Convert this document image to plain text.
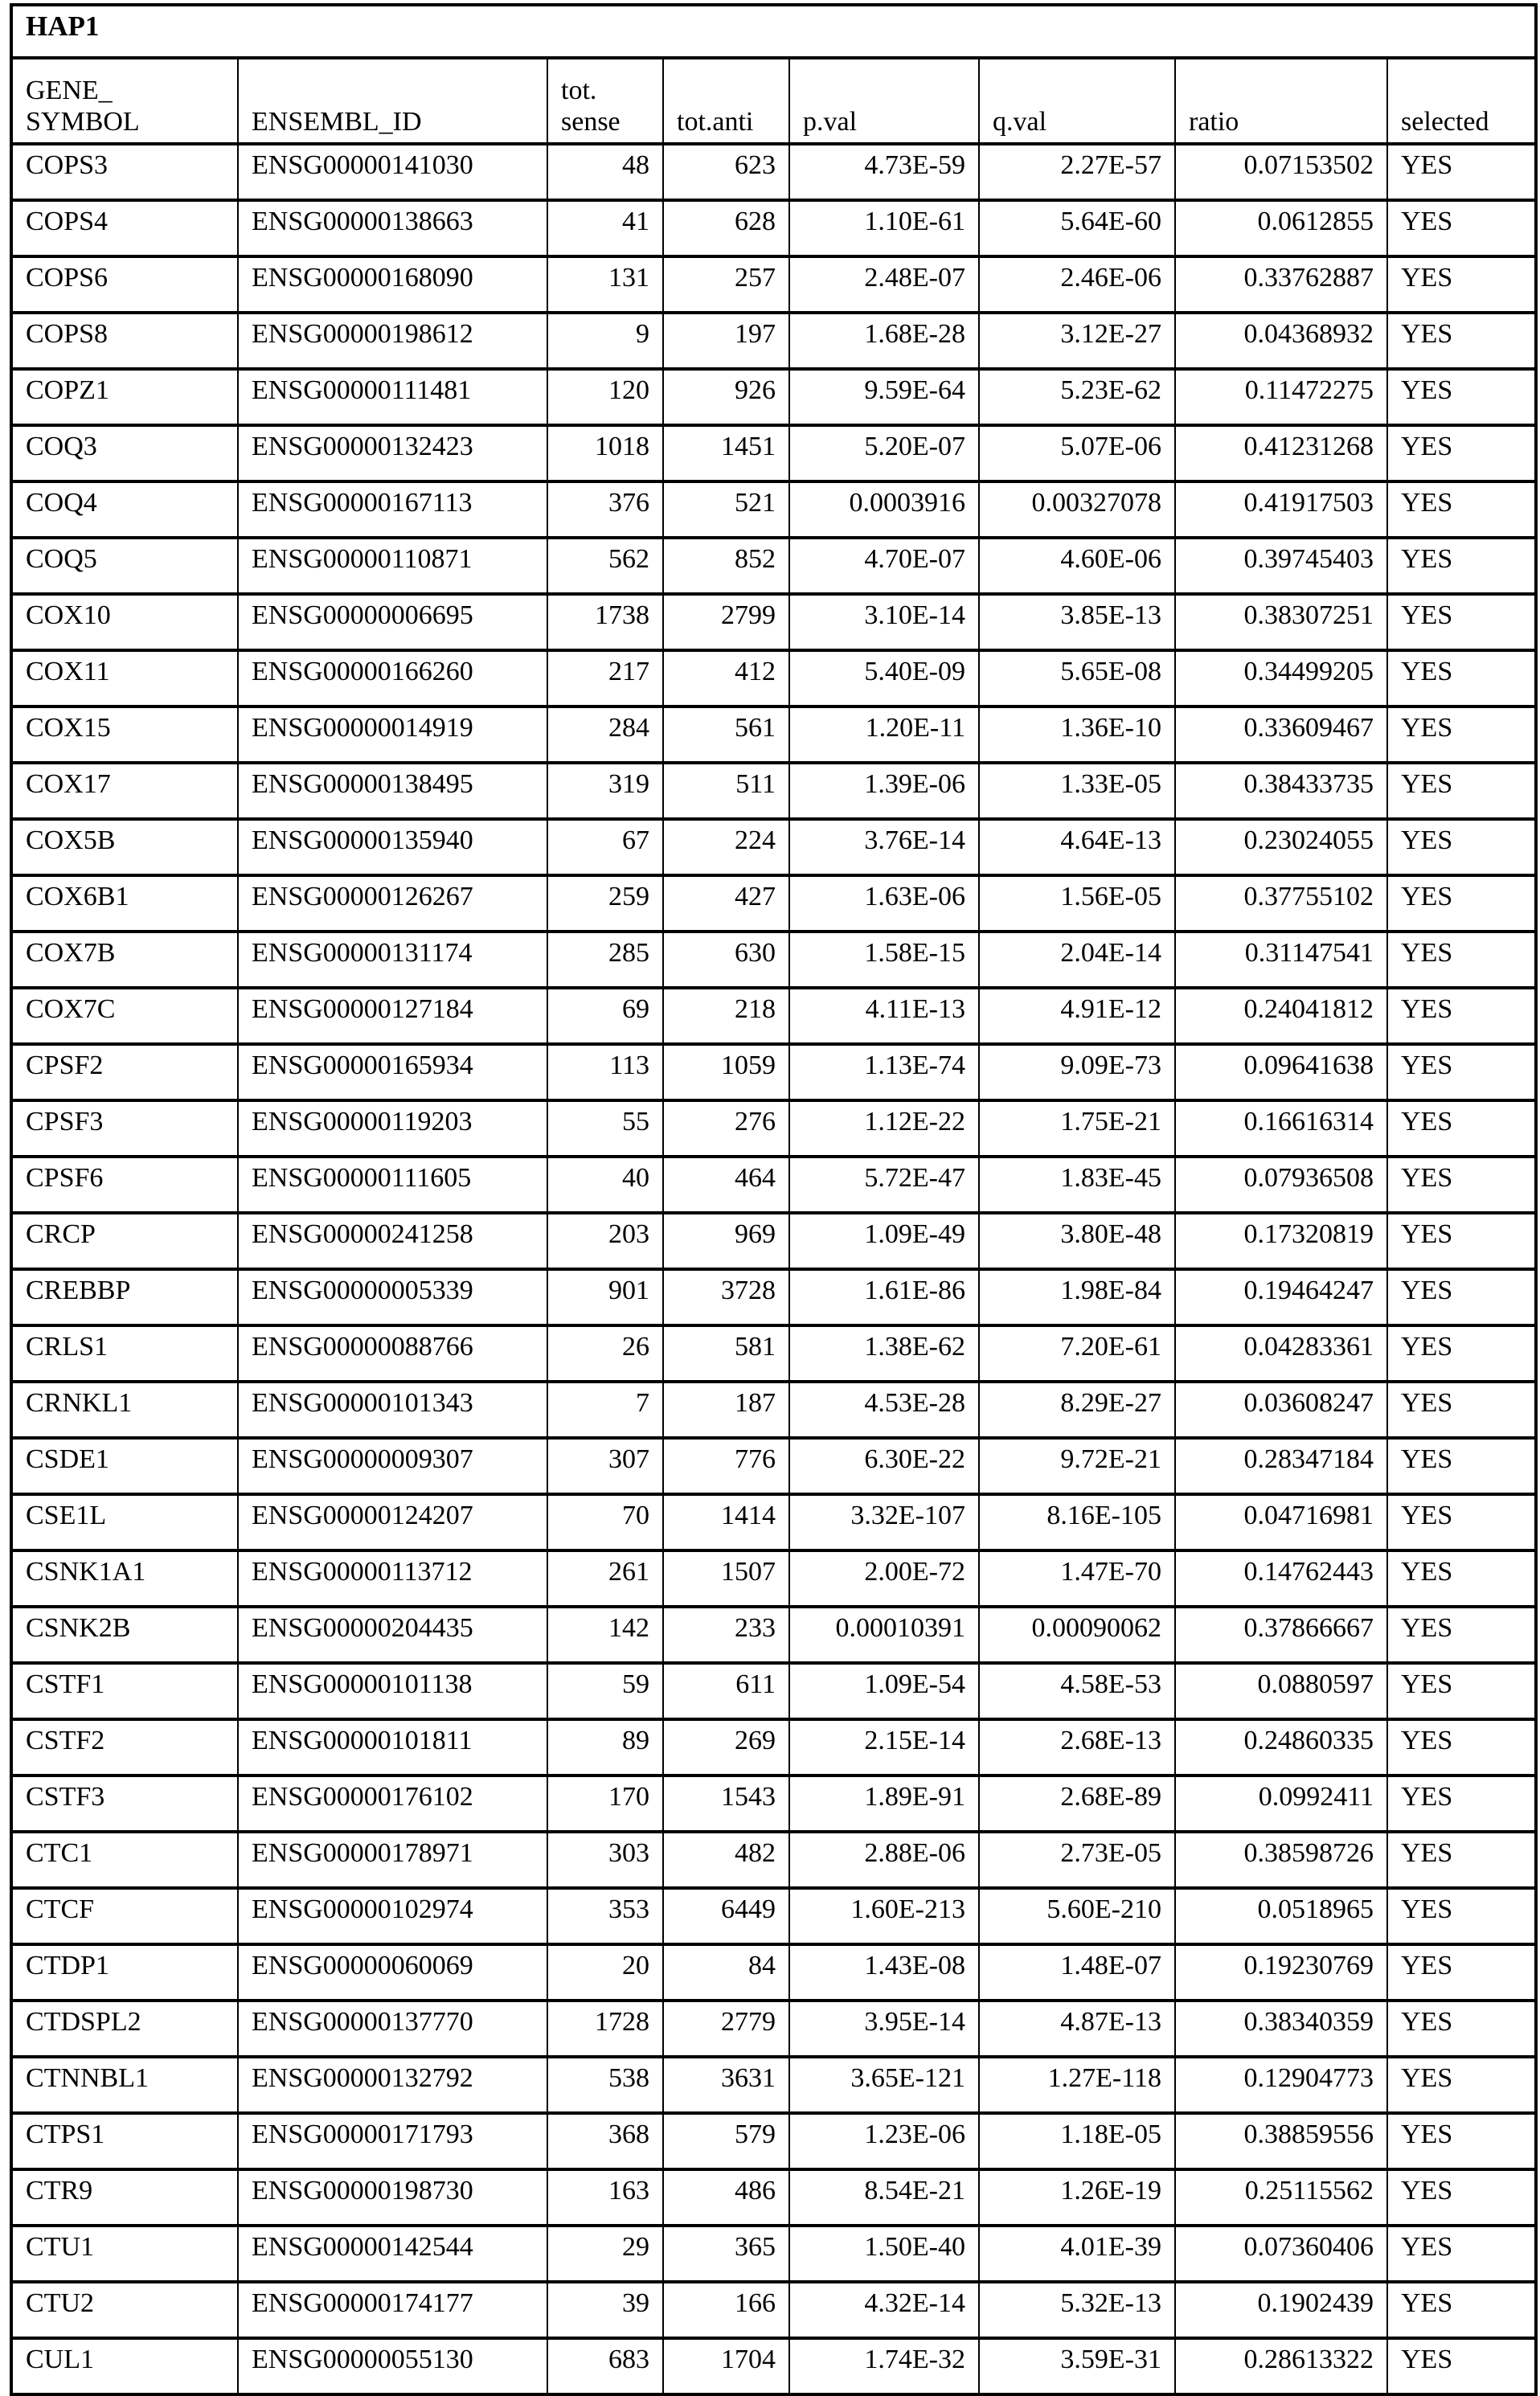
HAP1							
GENE_ SYMBOL	ENSEMBL_ID	tot. sense	tot.anti	p.val	q.val	ratio	selected
COPS3	ENSG00000141030	48	623	4.73E-59	2.27E-57	0.07153502	YES
COPS4	ENSG00000138663	41	628	1.10E-61	5.64E-60	0.0612855	YES
COPS6	ENSG00000168090	131	257	2.48E-07	2.46E-06	0.33762887	YES
COPS8	ENSG00000198612	9	197	1.68E-28	3.12E-27	0.04368932	YES
COPZ1	ENSG00000111481	120	926	9.59E-64	5.23E-62	0.11472275	YES
COQ3	ENSG00000132423	1018	1451	5.20E-07	5.07E-06	0.41231268	YES
COQ4	ENSG00000167113	376	521	0.0003916	0.00327078	0.41917503	YES
COQ5	ENSG00000110871	562	852	4.70E-07	4.60E-06	0.39745403	YES
COX10	ENSG00000006695	1738	2799	3.10E-14	3.85E-13	0.38307251	YES
COX11	ENSG00000166260	217	412	5.40E-09	5.65E-08	0.34499205	YES
COX15	ENSG00000014919	284	561	1.20E-11	1.36E-10	0.33609467	YES
COX17	ENSG00000138495	319	511	1.39E-06	1.33E-05	0.38433735	YES
COX5B	ENSG00000135940	67	224	3.76E-14	4.64E-13	0.23024055	YES
COX6B1	ENSG00000126267	259	427	1.63E-06	1.56E-05	0.37755102	YES
COX7B	ENSG00000131174	285	630	1.58E-15	2.04E-14	0.31147541	YES
COX7C	ENSG00000127184	69	218	4.11E-13	4.91E-12	0.24041812	YES
CPSF2	ENSG00000165934	113	1059	1.13E-74	9.09E-73	0.09641638	YES
CPSF3	ENSG00000119203	55	276	1.12E-22	1.75E-21	0.16616314	YES
CPSF6	ENSG00000111605	40	464	5.72E-47	1.83E-45	0.07936508	YES
CRCP	ENSG00000241258	203	969	1.09E-49	3.80E-48	0.17320819	YES
CREBBP	ENSG00000005339	901	3728	1.61E-86	1.98E-84	0.19464247	YES
CRLS1	ENSG00000088766	26	581	1.38E-62	7.20E-61	0.04283361	YES
CRNKL1	ENSG00000101343	7	187	4.53E-28	8.29E-27	0.03608247	YES
CSDE1	ENSG00000009307	307	776	6.30E-22	9.72E-21	0.28347184	YES
CSE1L	ENSG00000124207	70	1414	3.32E-107	8.16E-105	0.04716981	YES
CSNK1A1	ENSG00000113712	261	1507	2.00E-72	1.47E-70	0.14762443	YES
CSNK2B	ENSG00000204435	142	233	0.00010391	0.00090062	0.37866667	YES
CSTF1	ENSG00000101138	59	611	1.09E-54	4.58E-53	0.0880597	YES
CSTF2	ENSG00000101811	89	269	2.15E-14	2.68E-13	0.24860335	YES
CSTF3	ENSG00000176102	170	1543	1.89E-91	2.68E-89	0.0992411	YES
CTC1	ENSG00000178971	303	482	2.88E-06	2.73E-05	0.38598726	YES
CTCF	ENSG00000102974	353	6449	1.60E-213	5.60E-210	0.0518965	YES
CTDP1	ENSG00000060069	20	84	1.43E-08	1.48E-07	0.19230769	YES
CTDSPL2	ENSG00000137770	1728	2779	3.95E-14	4.87E-13	0.38340359	YES
CTNNBL1	ENSG00000132792	538	3631	3.65E-121	1.27E-118	0.12904773	YES
CTPS1	ENSG00000171793	368	579	1.23E-06	1.18E-05	0.38859556	YES
CTR9	ENSG00000198730	163	486	8.54E-21	1.26E-19	0.25115562	YES
CTU1	ENSG00000142544	29	365	1.50E-40	4.01E-39	0.07360406	YES
CTU2	ENSG00000174177	39	166	4.32E-14	5.32E-13	0.1902439	YES
CUL1	ENSG00000055130	683	1704	1.74E-32	3.59E-31	0.28613322	YES
